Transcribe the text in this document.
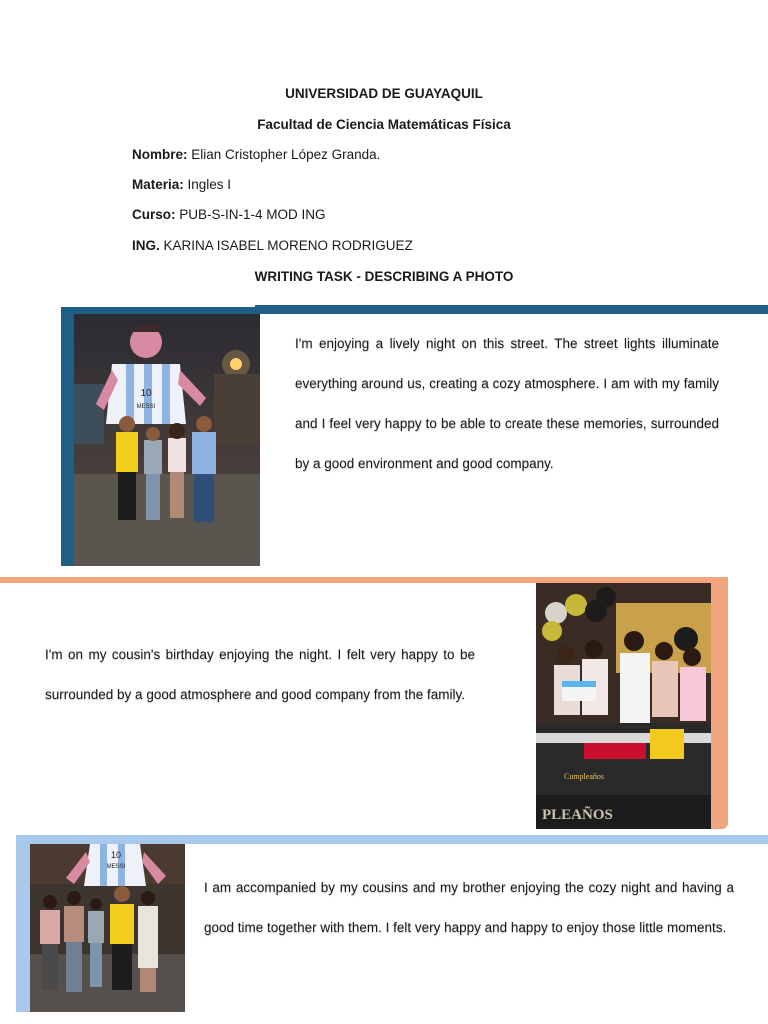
UNIVERSIDAD DE GUAYAQUIL
Facultad de Ciencia Matemáticas Física
Nombre: Elian Cristopher López Granda.
Materia: Ingles I
Curso: PUB-S-IN-1-4 MOD ING
ING. KARINA ISABEL MORENO RODRIGUEZ
WRITING TASK - DESCRIBING A PHOTO
10
MESSI
I'm enjoying a lively night on this street. The street lights illuminate everything around us, creating a cozy atmosphere. I am with my family and I feel very happy to be able to create these memories, surrounded by a good environment and good company.
Cumpleaños
PLEAÑOS
I'm on my cousin's birthday enjoying the night. I felt very happy to be surrounded by a good atmosphere and good company from the family.
10
MESSI
I am accompanied by my cousins and my brother enjoying the cozy night and having a good time together with them. I felt very happy and happy to enjoy those little moments.
